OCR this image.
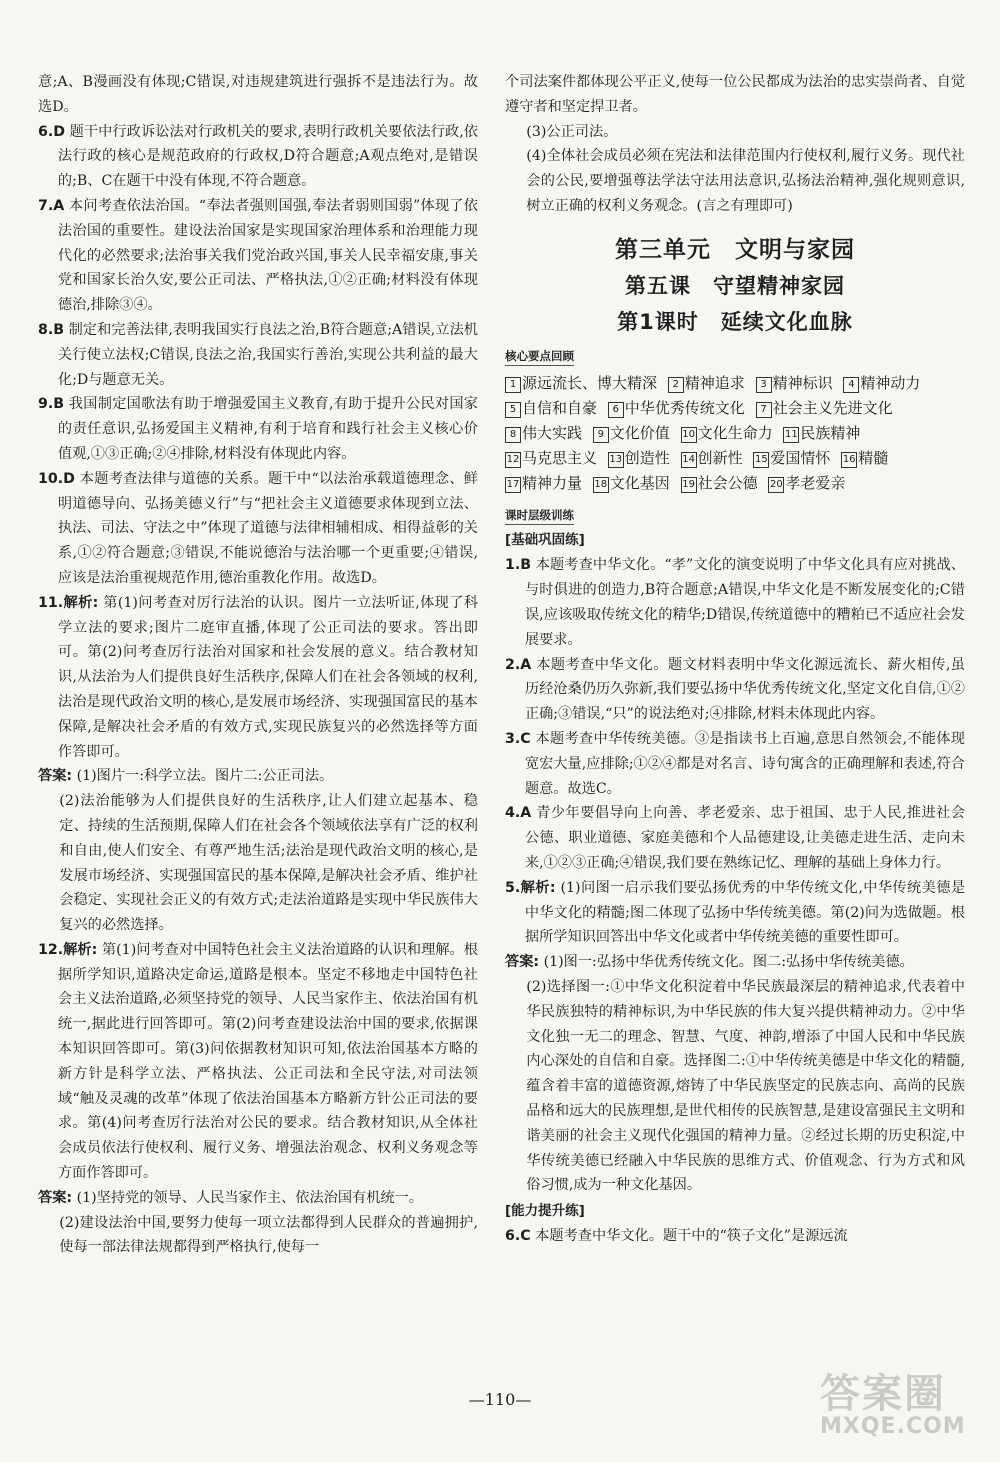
意;A、B漫画没有体现;C错误,对违规建筑进行强拆不是违法行为。故选D。

6.D 题干中行政诉讼法对行政机关的要求,表明行政机关要依法行政,依法行政的核心是规范政府的行政权,D符合题意;A观点绝对,是错误的;B、C在题干中没有体现,不符合题意。

7.A 本问考查依法治国。“奉法者强则国强,奉法者弱则国弱”体现了依法治国的重要性。建设法治国家是实现国家治理体系和治理能力现代化的必然要求;法治事关我们党治政兴国,事关人民幸福安康,事关党和国家长治久安,要公正司法、严格执法,①②正确;材料没有体现德治,排除③④。

8.B 制定和完善法律,表明我国实行良法之治,B符合题意;A错误,立法机关行使立法权;C错误,良法之治,我国实行善治,实现公共利益的最大化;D与题意无关。

9.B 我国制定国歌法有助于增强爱国主义教育,有助于提升公民对国家的责任意识,弘扬爱国主义精神,有利于培育和践行社会主义核心价值观,①③正确;②④排除,材料没有体现此内容。

10.D 本题考查法律与道德的关系。题干中“以法治承载道德理念、鲜明道德导向、弘扬美德义行”与“把社会主义道德要求体现到立法、执法、司法、守法之中”体现了道德与法律相辅相成、相得益彰的关系,①②符合题意;③错误,不能说德治与法治哪一个更重要;④错误,应该是法治重视规范作用,德治重教化作用。故选D。

11.解析: 第(1)问考查对厉行法治的认识。图片一立法听证,体现了科学立法的要求;图片二庭审直播,体现了公正司法的要求。答出即可。第(2)问考查厉行法治对国家和社会发展的意义。结合教材知识,从法治为人们提供良好生活秩序,保障人们在社会各领域的权利,法治是现代政治文明的核心,是发展市场经济、实现强国富民的基本保障,是解决社会矛盾的有效方式,实现民族复兴的必然选择等方面作答即可。

答案: (1)图片一:科学立法。图片二:公正司法。

(2)法治能够为人们提供良好的生活秩序,让人们建立起基本、稳定、持续的生活预期,保障人们在社会各个领域依法享有广泛的权利和自由,使人们安全、有尊严地生活;法治是现代政治文明的核心,是发展市场经济、实现强国富民的基本保障,是解决社会矛盾、维护社会稳定、实现社会正义的有效方式;走法治道路是实现中华民族伟大复兴的必然选择。

12.解析: 第(1)问考查对中国特色社会主义法治道路的认识和理解。根据所学知识,道路决定命运,道路是根本。坚定不移地走中国特色社会主义法治道路,必须坚持党的领导、人民当家作主、依法治国有机统一,据此进行回答即可。第(2)问考查建设法治中国的要求,依据课本知识回答即可。第(3)问依据教材知识可知,依法治国基本方略的新方针是科学立法、严格执法、公正司法和全民守法,对司法领域“触及灵魂的改革”体现了依法治国基本方略新方针公正司法的要求。第(4)问考查厉行法治对公民的要求。结合教材知识,从全体社会成员依法行使权利、履行义务、增强法治观念、权利义务观念等方面作答即可。

答案: (1)坚持党的领导、人民当家作主、依法治国有机统一。

(2)建设法治中国,要努力使每一项立法都得到人民群众的普遍拥护,使每一部法律法规都得到严格执行,使每一

个司法案件都体现公平正义,使每一位公民都成为法治的忠实崇尚者、自觉遵守者和坚定捍卫者。

(3)公正司法。

(4)全体社会成员必须在宪法和法律范围内行使权利,履行义务。现代社会的公民,要增强尊法学法守法用法意识,弘扬法治精神,强化规则意识,树立正确的权利义务观念。(言之有理即可)

第三单元　文明与家园
第五课　守望精神家园
第1课时　延续文化血脉
核心要点回顾
1 源远流长、博大精深 2 精神追求 3 精神标识 4 精神动力 5 自信和自豪 6 中华优秀传统文化 7 社会主义先进文化 8 伟大实践 9 文化价值 10 文化生命力 11 民族精神 12 马克思主义 13 创造性 14 创新性 15 爱国情怀 16 精髓 17 精神力量 18 文化基因 19 社会公德 20 孝老爱亲
课时层级训练
[基础巩固练]

1.B 本题考查中华文化。“孝”文化的演变说明了中华文化具有应对挑战、与时俱进的创造力,B符合题意;A错误,中华文化是不断发展变化的;C错误,应该吸取传统文化的精华;D错误,传统道德中的糟粕已不适应社会发展要求。

2.A 本题考查中华文化。题文材料表明中华文化源远流长、薪火相传,虽历经沧桑仍历久弥新,我们要弘扬中华优秀传统文化,坚定文化自信,①②正确;③错误,“只”的说法绝对;④排除,材料未体现此内容。

3.C 本题考查中华传统美德。③是指读书上百遍,意思自然领会,不能体现宽宏大量,应排除;①②④都是对名言、诗句寓含的正确理解和表述,符合题意。故选C。

4.A 青少年要倡导向上向善、孝老爱亲、忠于祖国、忠于人民,推进社会公德、职业道德、家庭美德和个人品德建设,让美德走进生活、走向未来,①②③正确;④错误,我们要在熟练记忆、理解的基础上身体力行。

5.解析: (1)问图一启示我们要弘扬优秀的中华传统文化,中华传统美德是中华文化的精髓;图二体现了弘扬中华传统美德。第(2)问为选做题。根据所学知识回答出中华文化或者中华传统美德的重要性即可。

答案: (1)图一:弘扬中华优秀传统文化。图二:弘扬中华传统美德。

(2)选择图一:①中华文化积淀着中华民族最深层的精神追求,代表着中华民族独特的精神标识,为中华民族的伟大复兴提供精神动力。②中华文化独一无二的理念、智慧、气度、神韵,增添了中国人民和中华民族内心深处的自信和自豪。选择图二:①中华传统美德是中华文化的精髓,蕴含着丰富的道德资源,熔铸了中华民族坚定的民族志向、高尚的民族品格和远大的民族理想,是世代相传的民族智慧,是建设富强民主文明和谐美丽的社会主义现代化强国的精神力量。②经过长期的历史积淀,中华传统美德已经融入中华民族的思维方式、价值观念、行为方式和风俗习惯,成为一种文化基因。

[能力提升练]

6.C 本题考查中华文化。题干中的“筷子文化”是源远流

—110—	答案圈
MXQE.COM
